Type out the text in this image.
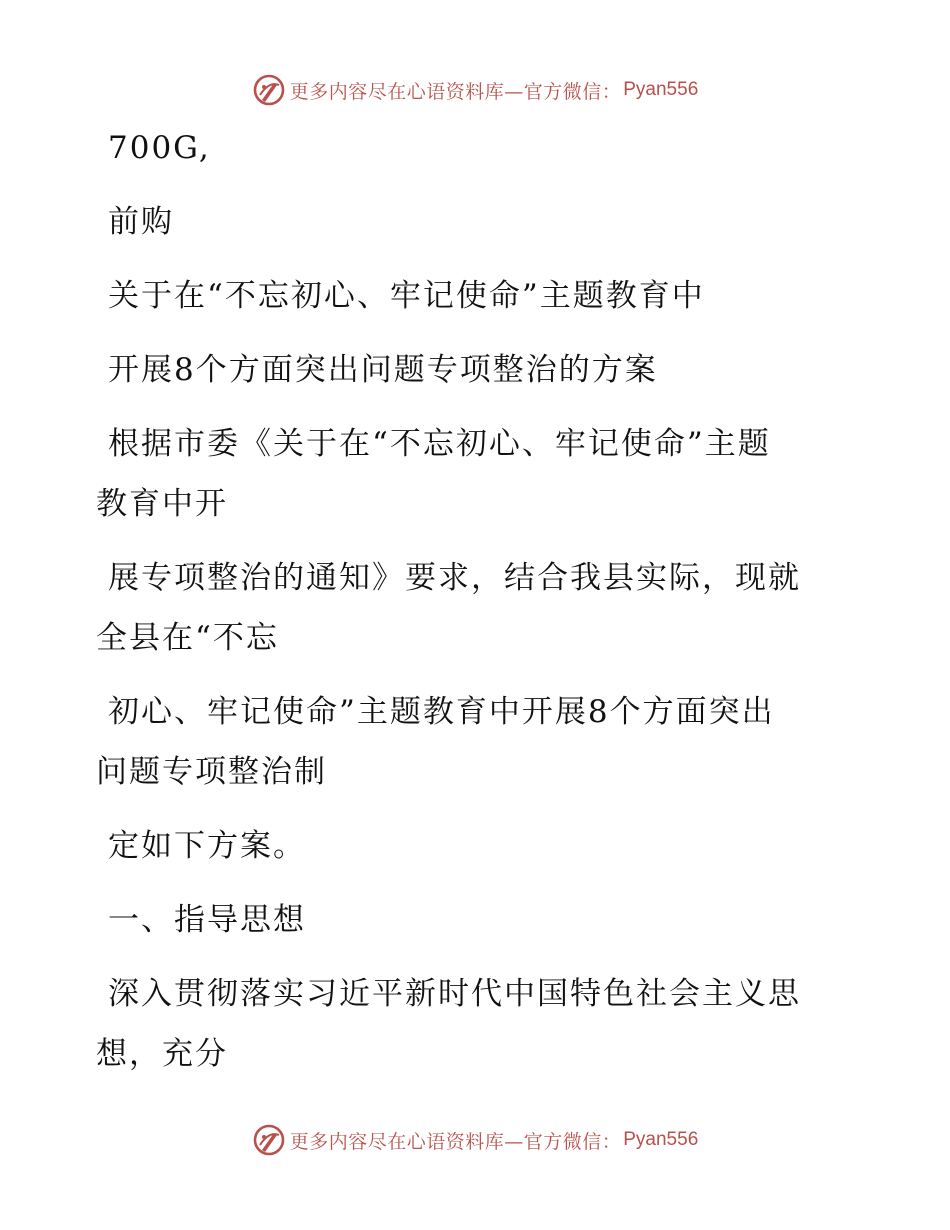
更多内容尽在心语资料库—官方微信： Pyan556
700G,
前购
关于在“不忘初心、牢记使命”主题教育中
开展8个方面突出问题专项整治的方案
根据市委《关于在“不忘初心、牢记使命”主题
教育中开
展专项整治的通知》要求，结合我县实际，现就
全县在“不忘
初心、牢记使命”主题教育中开展8个方面突出
问题专项整治制
定如下方案。
一、指导思想
深入贯彻落实习近平新时代中国特色社会主义思
想，充分
更多内容尽在心语资料库—官方微信： Pyan556
